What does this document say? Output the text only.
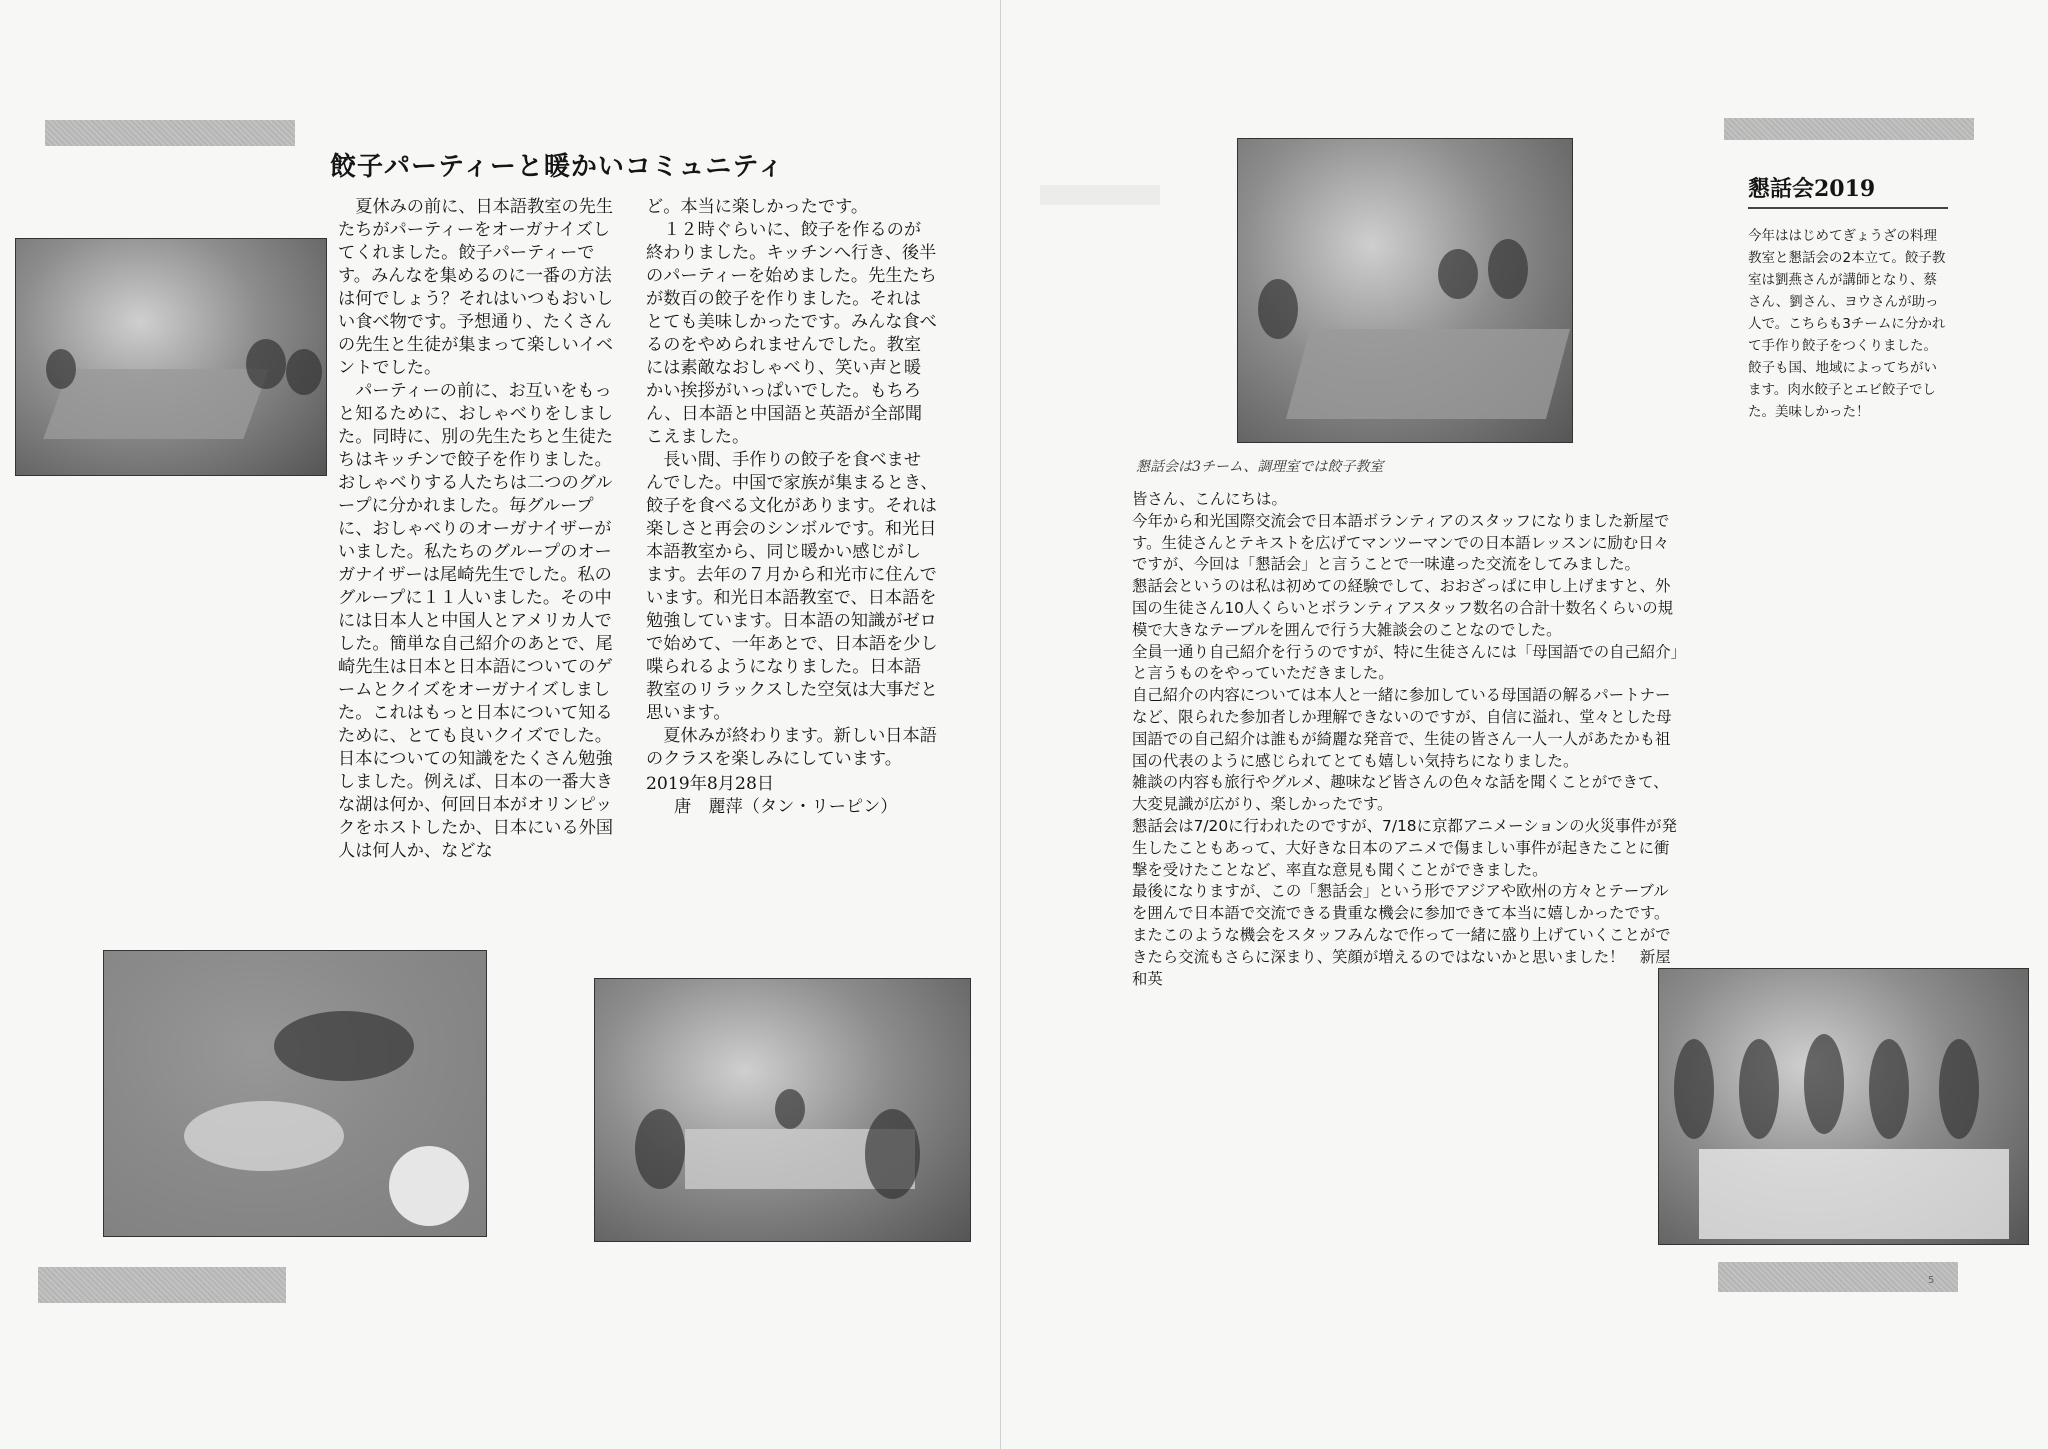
餃子パーティーと暖かいコミュニティ

夏休みの前に、日本語教室の先生たちがパーティーをオーガナイズしてくれました。餃子パーティーです。みんなを集めるのに一番の方法は何でしょう？それはいつもおいしい食べ物です。予想通り、たくさんの先生と生徒が集まって楽しいイベントでした。

パーティーの前に、お互いをもっと知るために、おしゃべりをしました。同時に、別の先生たちと生徒たちはキッチンで餃子を作りました。おしゃべりする人たちは二つのグループに分かれました。毎グループに、おしゃべりのオーガナイザーがいました。私たちのグループのオーガナイザーは尾崎先生でした。私のグループに１１人いました。その中には日本人と中国人とアメリカ人でした。簡単な自己紹介のあとで、尾崎先生は日本と日本語についてのゲームとクイズをオーガナイズしました。これはもっと日本について知るために、とても良いクイズでした。日本についての知識をたくさん勉強しました。例えば、日本の一番大きな湖は何か、何回日本がオリンピックをホストしたか、日本にいる外国人は何人か、などな

ど。本当に楽しかったです。

１２時ぐらいに、餃子を作るのが終わりました。キッチンへ行き、後半のパーティーを始めました。先生たちが数百の餃子を作りました。それはとても美味しかったです。みんな食べるのをやめられませんでした。教室には素敵なおしゃべり、笑い声と暖かい挨拶がいっぱいでした。もちろん、日本語と中国語と英語が全部聞こえました。

長い間、手作りの餃子を食べませんでした。中国で家族が集まるとき、餃子を食べる文化があります。それは楽しさと再会のシンボルです。和光日本語教室から、同じ暖かい感じがします。去年の７月から和光市に住んでいます。和光日本語教室で、日本語を勉強しています。日本語の知識がゼロで始めて、一年あとで、日本語を少し喋られるようになりました。日本語教室のリラックスした空気は大事だと思います。

夏休みが終わります。新しい日本語のクラスを楽しみにしています。

2019年8月28日

唐　麗萍（タン・リーピン）

懇話会は3チーム、調理室では餃子教室
懇話会2019
今年ははじめてぎょうざの料理教室と懇話会の2本立て。餃子教室は劉燕さんが講師となり、蔡さん、劉さん、ヨウさんが助っ人で。こちらも3チームに分かれて手作り餃子をつくりました。餃子も国、地域によってちがいます。肉水餃子とエビ餃子でした。美味しかった！

皆さん、こんにちは。

今年から和光国際交流会で日本語ボランティアのスタッフになりました新屋です。生徒さんとテキストを広げてマンツーマンでの日本語レッスンに励む日々ですが、今回は「懇話会」と言うことで一味違った交流をしてみました。

懇話会というのは私は初めての経験でして、おおざっぱに申し上げますと、外国の生徒さん10人くらいとボランティアスタッフ数名の合計十数名くらいの規模で大きなテーブルを囲んで行う大雑談会のことなのでした。

全員一通り自己紹介を行うのですが、特に生徒さんには「母国語での自己紹介」と言うものをやっていただきました。

自己紹介の内容については本人と一緒に参加している母国語の解るパートナーなど、限られた参加者しか理解できないのですが、自信に溢れ、堂々とした母国語での自己紹介は誰もが綺麗な発音で、生徒の皆さん一人一人があたかも祖国の代表のように感じられてとても嬉しい気持ちになりました。

雑談の内容も旅行やグルメ、趣味など皆さんの色々な話を聞くことができて、大変見識が広がり、楽しかったです。

懇話会は7/20に行われたのですが、7/18に京都アニメーションの火災事件が発生したこともあって、大好きな日本のアニメで傷ましい事件が起きたことに衝撃を受けたことなど、率直な意見も聞くことができました。

最後になりますが、この「懇話会」という形でアジアや欧州の方々とテーブルを囲んで日本語で交流できる貴重な機会に参加できて本当に嬉しかったです。

またこのような機会をスタッフみんなで作って一緒に盛り上げていくことができたら交流もさらに深まり、笑顔が増えるのではないかと思いました！　新屋　和英

5
